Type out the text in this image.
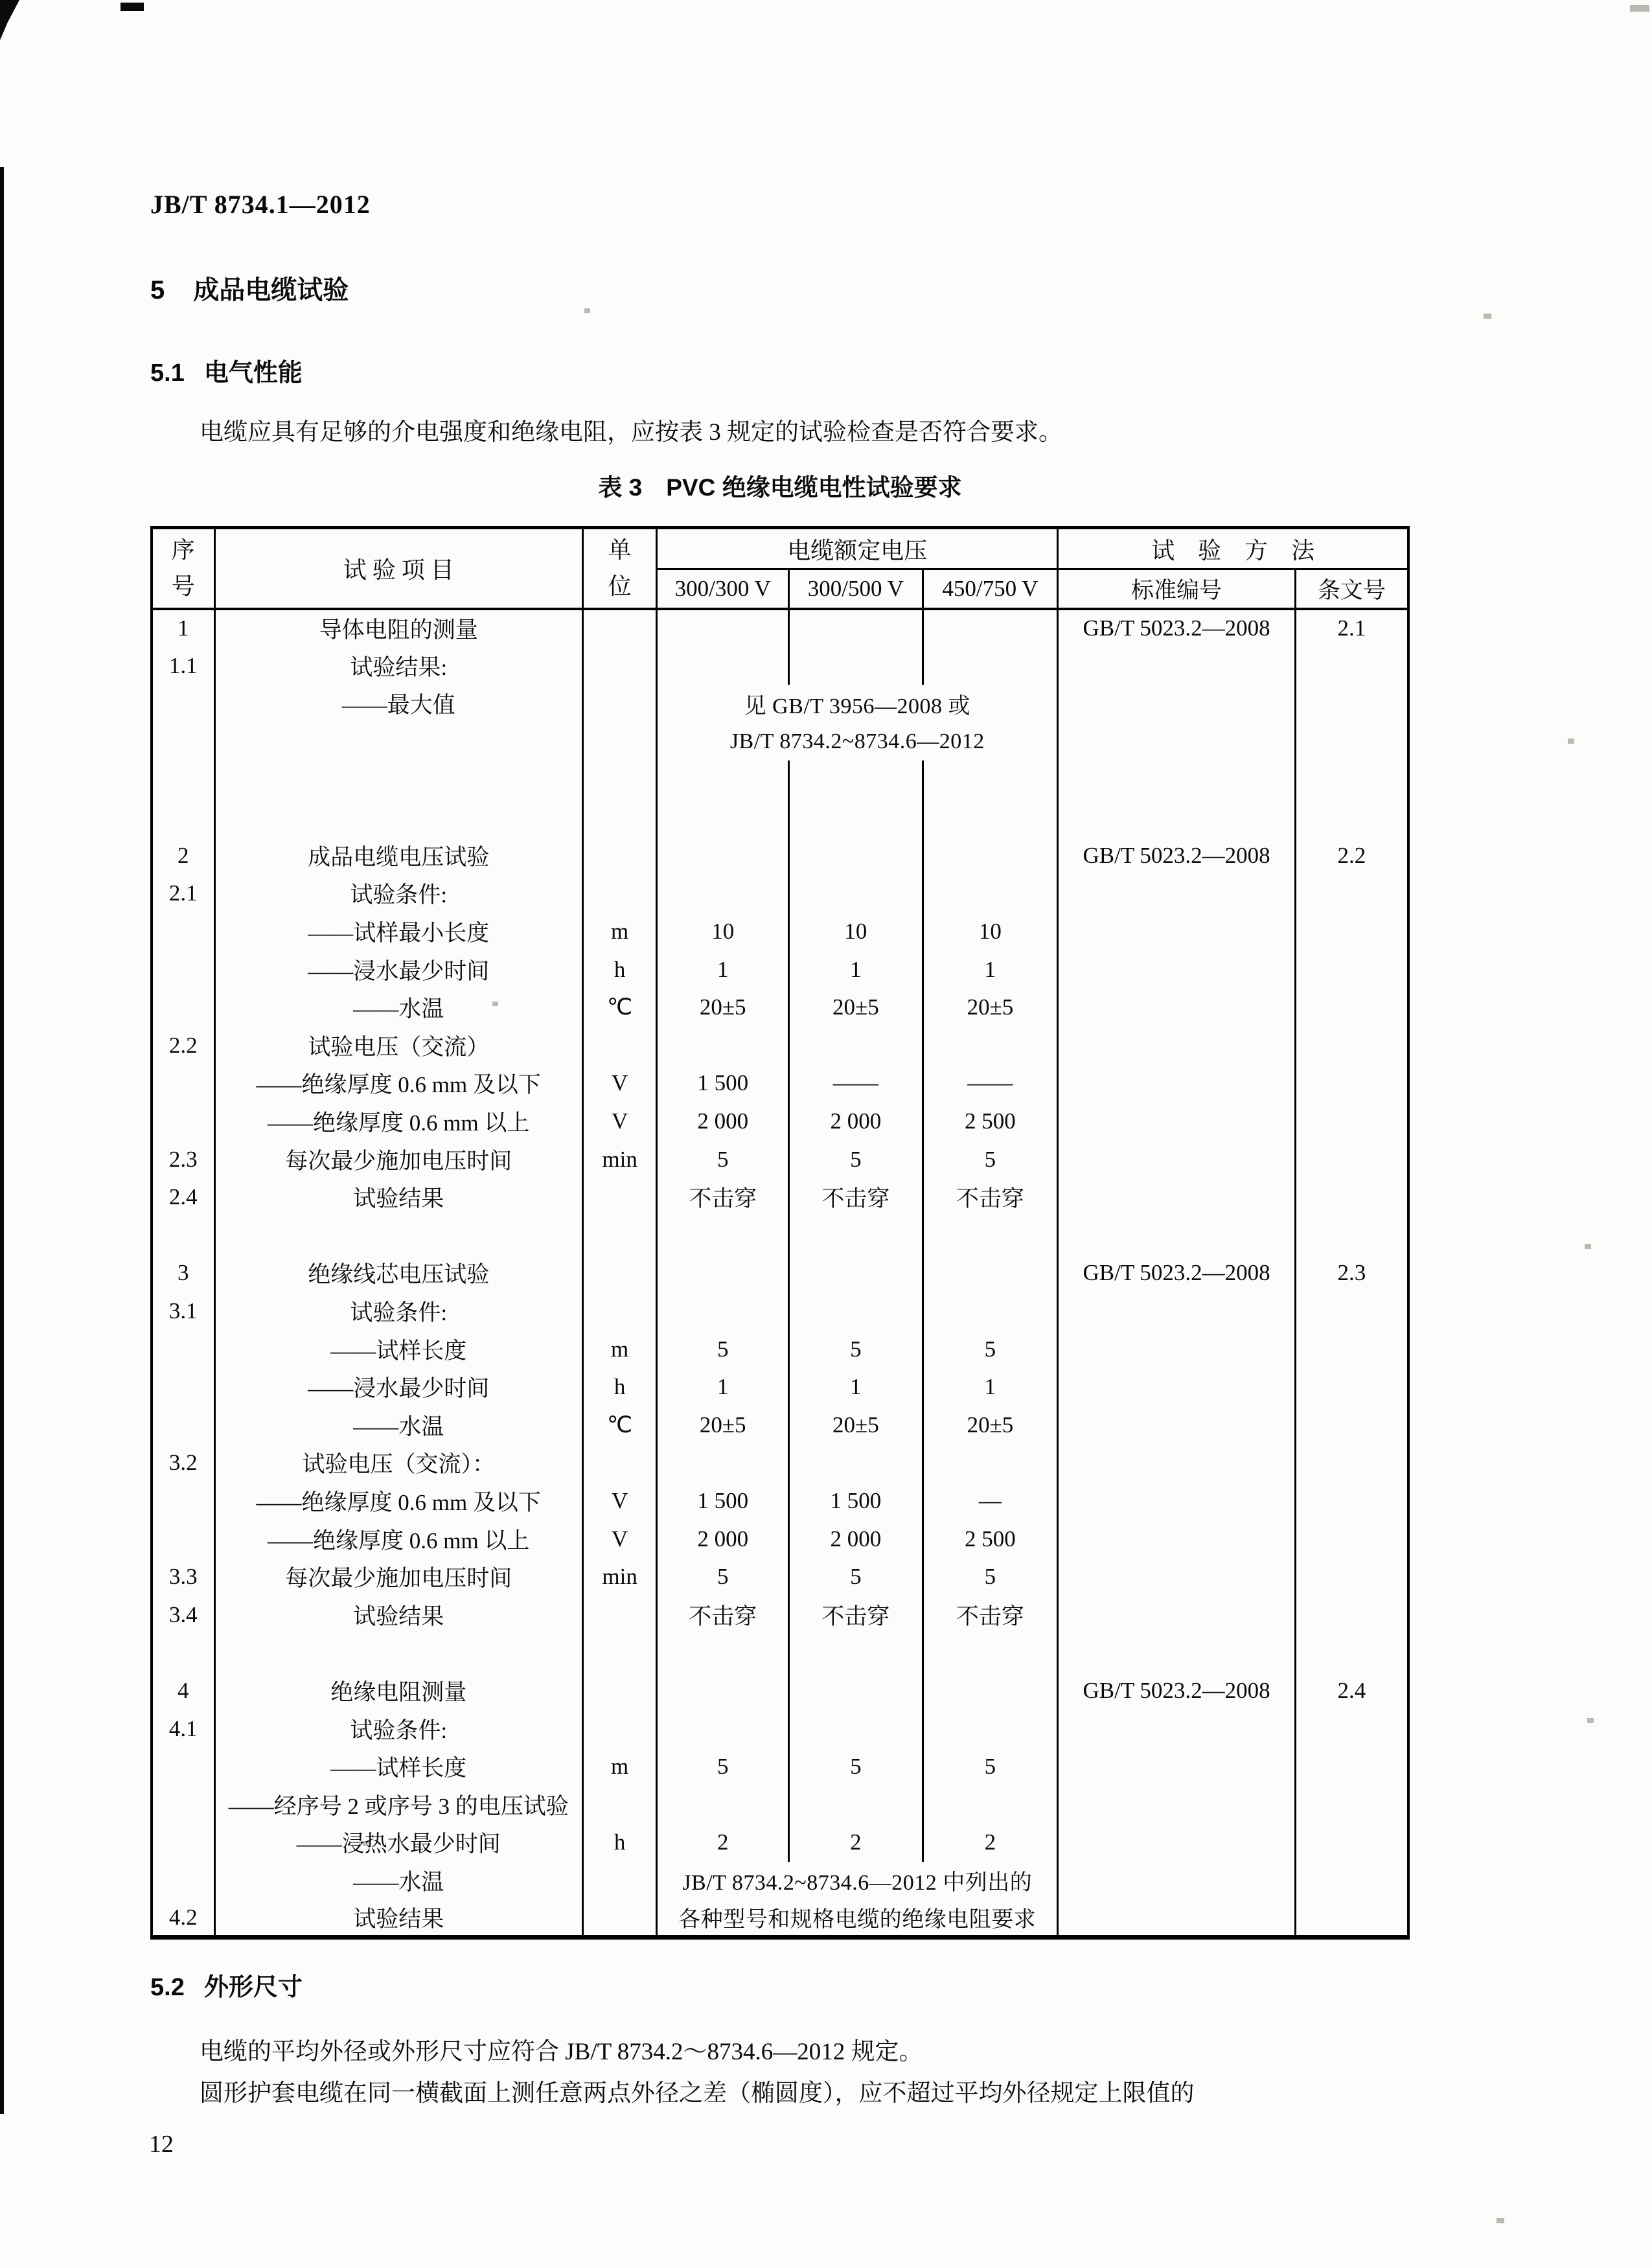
JB/T 8734.1—2012
5 成品电缆试验
5.1 电气性能
电缆应具有足够的介电强度和绝缘电阻，应按表 3 规定的试验检查是否符合要求。
表 3　PVC 绝缘电缆电性试验要求
序
号
	试 验 项 目	
单
位
	电缆额定电压	试　验　方　法
			300/300 V	300/500 V	450/750 V	标准编号	条文号
1	导体电阻的测量					GB/T 5023.2—2008	2.1
1.1	试验结果:						
	——最大值		见 GB/T 3956—2008 或				
			JB/T 8734.2~8734.6—2012				

2	成品电缆电压试验					GB/T 5023.2—2008	2.2
2.1	试验条件:						
	——试样最小长度	m	10	10	10		
	——浸水最少时间	h	1	1	1		
	——水温	℃	20±5	20±5	20±5		
2.2	试验电压（交流）						
	——绝缘厚度 0.6 mm 及以下	V	1 500	——	——		
	——绝缘厚度 0.6 mm 以上	V	2 000	2 000	2 500		
2.3	每次最少施加电压时间	min	5	5	5		
2.4	试验结果		不击穿	不击穿	不击穿		

3	绝缘线芯电压试验					GB/T 5023.2—2008	2.3
3.1	试验条件:						
	——试样长度	m	5	5	5		
	——浸水最少时间	h	1	1	1		
	——水温	℃	20±5	20±5	20±5		
3.2	试验电压（交流）：						
	——绝缘厚度 0.6 mm 及以下	V	1 500	1 500	—		
	——绝缘厚度 0.6 mm 以上	V	2 000	2 000	2 500		
3.3	每次最少施加电压时间	min	5	5	5		
3.4	试验结果		不击穿	不击穿	不击穿		

4	绝缘电阻测量					GB/T 5023.2—2008	2.4
4.1	试验条件:						
	——试样长度	m	5	5	5		
	——经序号 2 或序号 3 的电压试验						
	——浸热水最少时间	h	2	2	2		
	——水温		JB/T 8734.2~8734.6—2012 中列出的				
4.2	试验结果		各种型号和规格电缆的绝缘电阻要求				
5.2 外形尺寸
电缆的平均外径或外形尺寸应符合 JB/T 8734.2～8734.6—2012 规定。
圆形护套电缆在同一横截面上测任意两点外径之差（椭圆度），应不超过平均外径规定上限值的
12
